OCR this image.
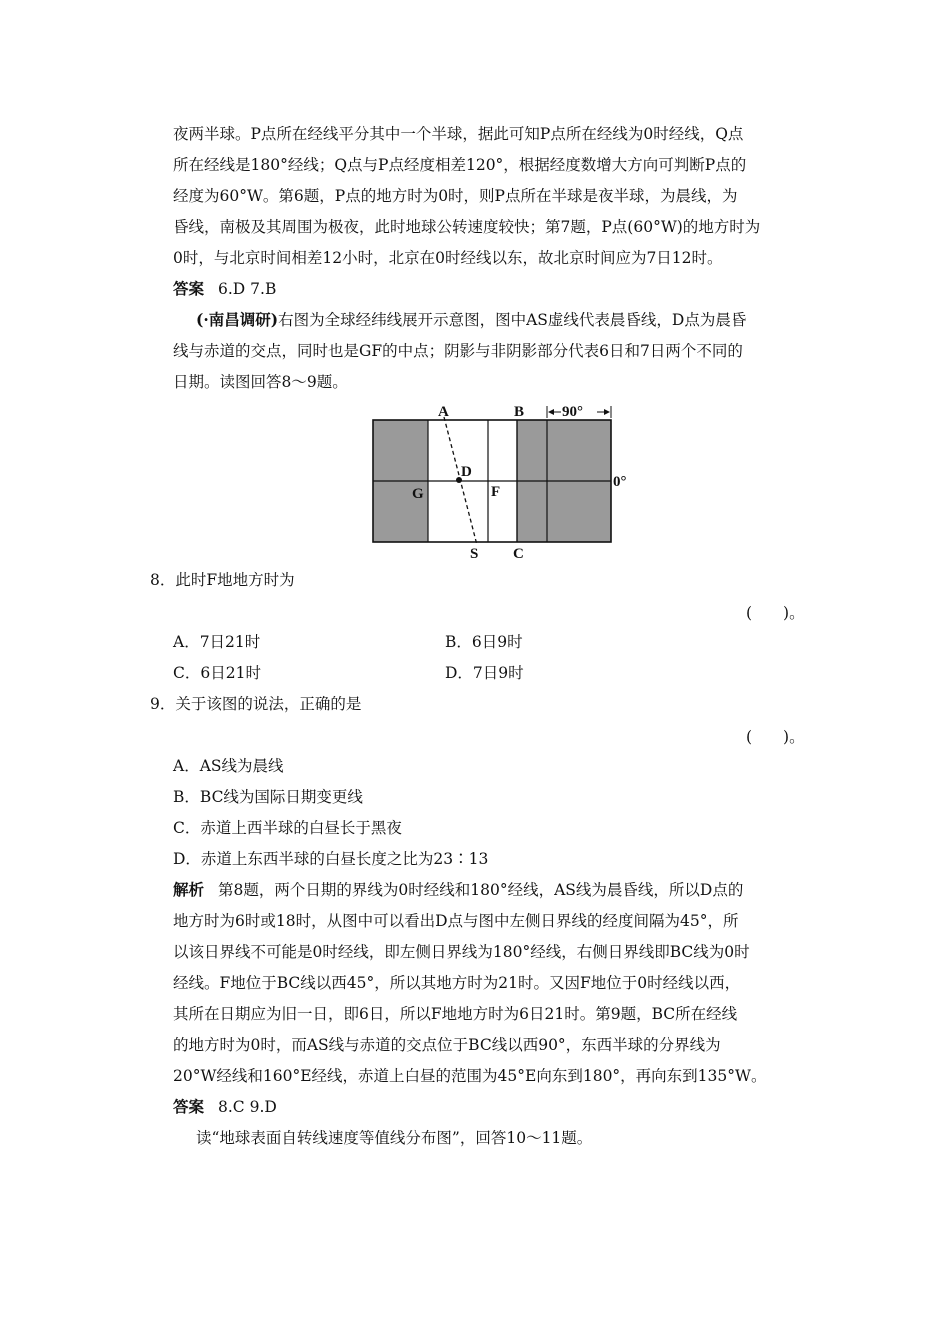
夜两半球。P点所在经线平分其中一个半球，据此可知P点所在经线为0时经线，Q点
所在经线是180°经线；Q点与P点经度相差120°，根据经度数增大方向可判断P点的
经度为60°W。第6题，P点的地方时为0时，则P点所在半球是夜半球，为晨线，为
昏线，南极及其周围为极夜，此时地球公转速度较快；第7题，P点(60°W)的地方时为
0时，与北京时间相差12小时，北京在0时经线以东，故北京时间应为7日12时。
答案 6.D 7.B
(·南昌调研)右图为全球经纬线展开示意图，图中AS虚线代表晨昏线，D点为晨昏
线与赤道的交点，同时也是GF的中点；阴影与非阴影部分代表6日和7日两个不同的
日期。读图回答8～9题。
A	B	90°
D
G	F
0°
S C
8．此时F地地方时为
(　　)。
A．7日21时	B．6日9时
C．6日21时	D．7日9时
9．关于该图的说法，正确的是
(　　)。
A．AS线为晨线
B．BC线为国际日期变更线
C．赤道上西半球的白昼长于黑夜
D．赤道上东西半球的白昼长度之比为23∶13
解析 第8题，两个日期的界线为0时经线和180°经线，AS线为晨昏线，所以D点的
地方时为6时或18时，从图中可以看出D点与图中左侧日界线的经度间隔为45°，所
以该日界线不可能是0时经线，即左侧日界线为180°经线，右侧日界线即BC线为0时
经线。F地位于BC线以西45°，所以其地方时为21时。又因F地位于0时经线以西，
其所在日期应为旧一日，即6日，所以F地地方时为6日21时。第9题，BC所在经线
的地方时为0时，而AS线与赤道的交点位于BC线以西90°，东西半球的分界线为
20°W经线和160°E经线，赤道上白昼的范围为45°E向东到180°，再向东到135°W。
答案 8.C 9.D
读“地球表面自转线速度等值线分布图”，回答10～11题。
